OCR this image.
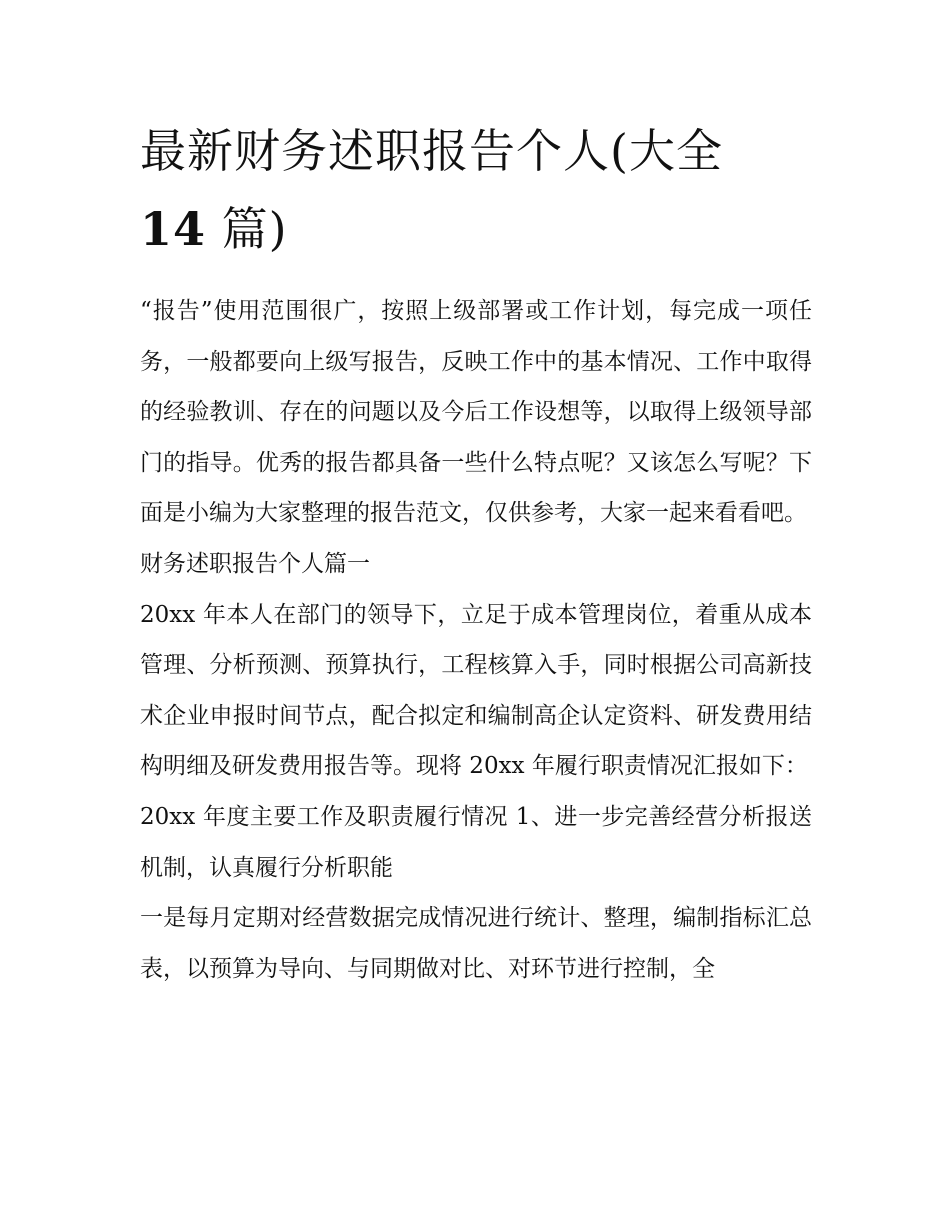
最新财务述职报告个人(大全
14 篇)

“报告”使用范围很广，按照上级部署或工作计划，每完成一项任务，一般都要向上级写报告，反映工作中的基本情况、工作中取得的经验教训、存在的问题以及今后工作设想等，以取得上级领导部门的指导。优秀的报告都具备一些什么特点呢？又该怎么写呢？下面是小编为大家整理的报告范文，仅供参考，大家一起来看看吧。

财务述职报告个人篇一

20xx 年本人在部门的领导下，立足于成本管理岗位，着重从成本管理、分析预测、预算执行，工程核算入手，同时根据公司高新技术企业申报时间节点，配合拟定和编制高企认定资料、研发费用结构明细及研发费用报告等。现将 20xx 年履行职责情况汇报如下：

20xx 年度主要工作及职责履行情况 1、进一步完善经营分析报送机制，认真履行分析职能

一是每月定期对经营数据完成情况进行统计、整理，编制指标汇总表，以预算为导向、与同期做对比、对环节进行控制，全
